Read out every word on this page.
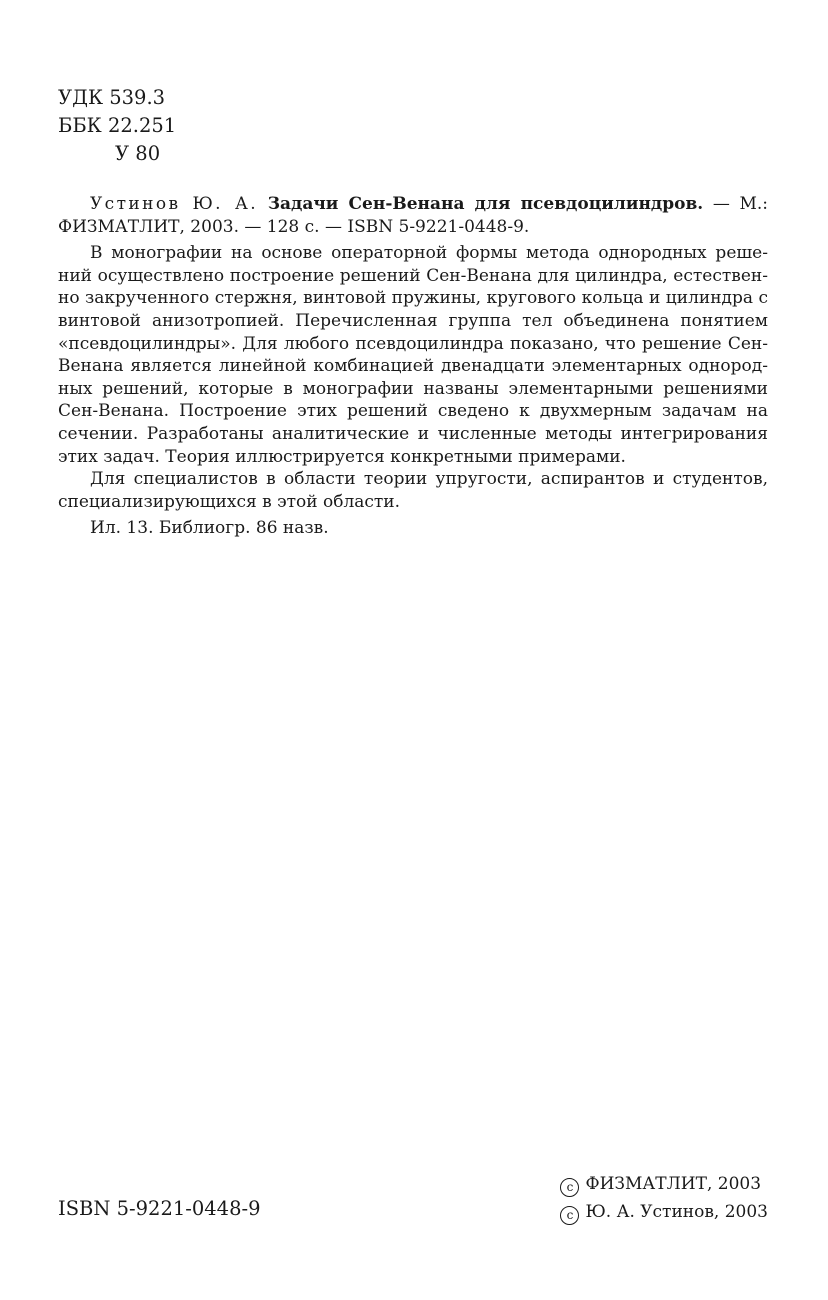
УДК 539.3
ББК 22.251
У 80

Устинов Ю. А. Задачи Сен-Венана для псевдоцилиндров. — М.: ФИЗМАТЛИТ, 2003. — 128 с. — ISBN 5-9221-0448-9.

В монографии на основе операторной формы метода однородных решений осуществлено построение решений Сен-Венана для цилиндра, естественно закрученного стержня, винтовой пружины, кругового кольца и цилиндра с винтовой анизотропией. Перечисленная группа тел объединена понятием «псевдоцилиндры». Для любого псевдоцилиндра показано, что решение Сен-Венана является линейной комбинацией двенадцати элементарных однородных решений, которые в монографии названы элементарными решениями Сен-Венана. Построение этих решений сведено к двухмерным задачам на сечении. Разработаны аналитические и численные методы интегрирования этих задач. Теория иллюстрируется конкретными примерами.

Для специалистов в области теории упругости, аспирантов и студентов, специализирующихся в этой области.

Ил. 13. Библиогр. 86 назв.

ISBN 5-9221-0448-9
c ФИЗМАТЛИТ, 2003
c Ю. А. Устинов, 2003
